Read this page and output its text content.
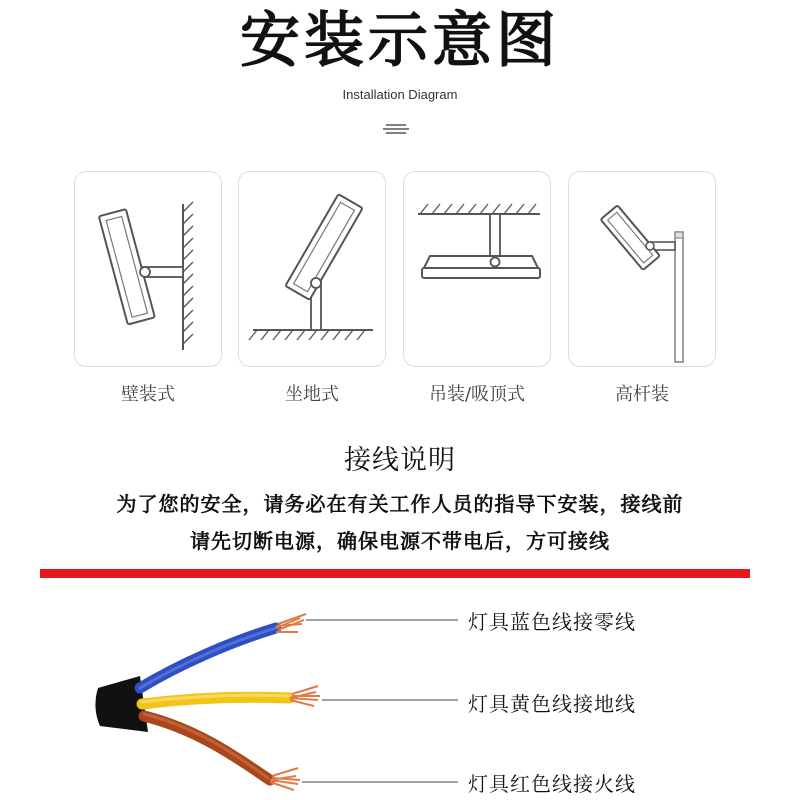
安装示意图
Installation Diagram
壁装式	坐地式	吊装/吸顶式	高杆装
接线说明
为了您的安全，请务必在有关工作人员的指导下安装，接线前
请先切断电源，确保电源不带电后，方可接线
灯具蓝色线接零线
灯具黄色线接地线
灯具红色线接火线
